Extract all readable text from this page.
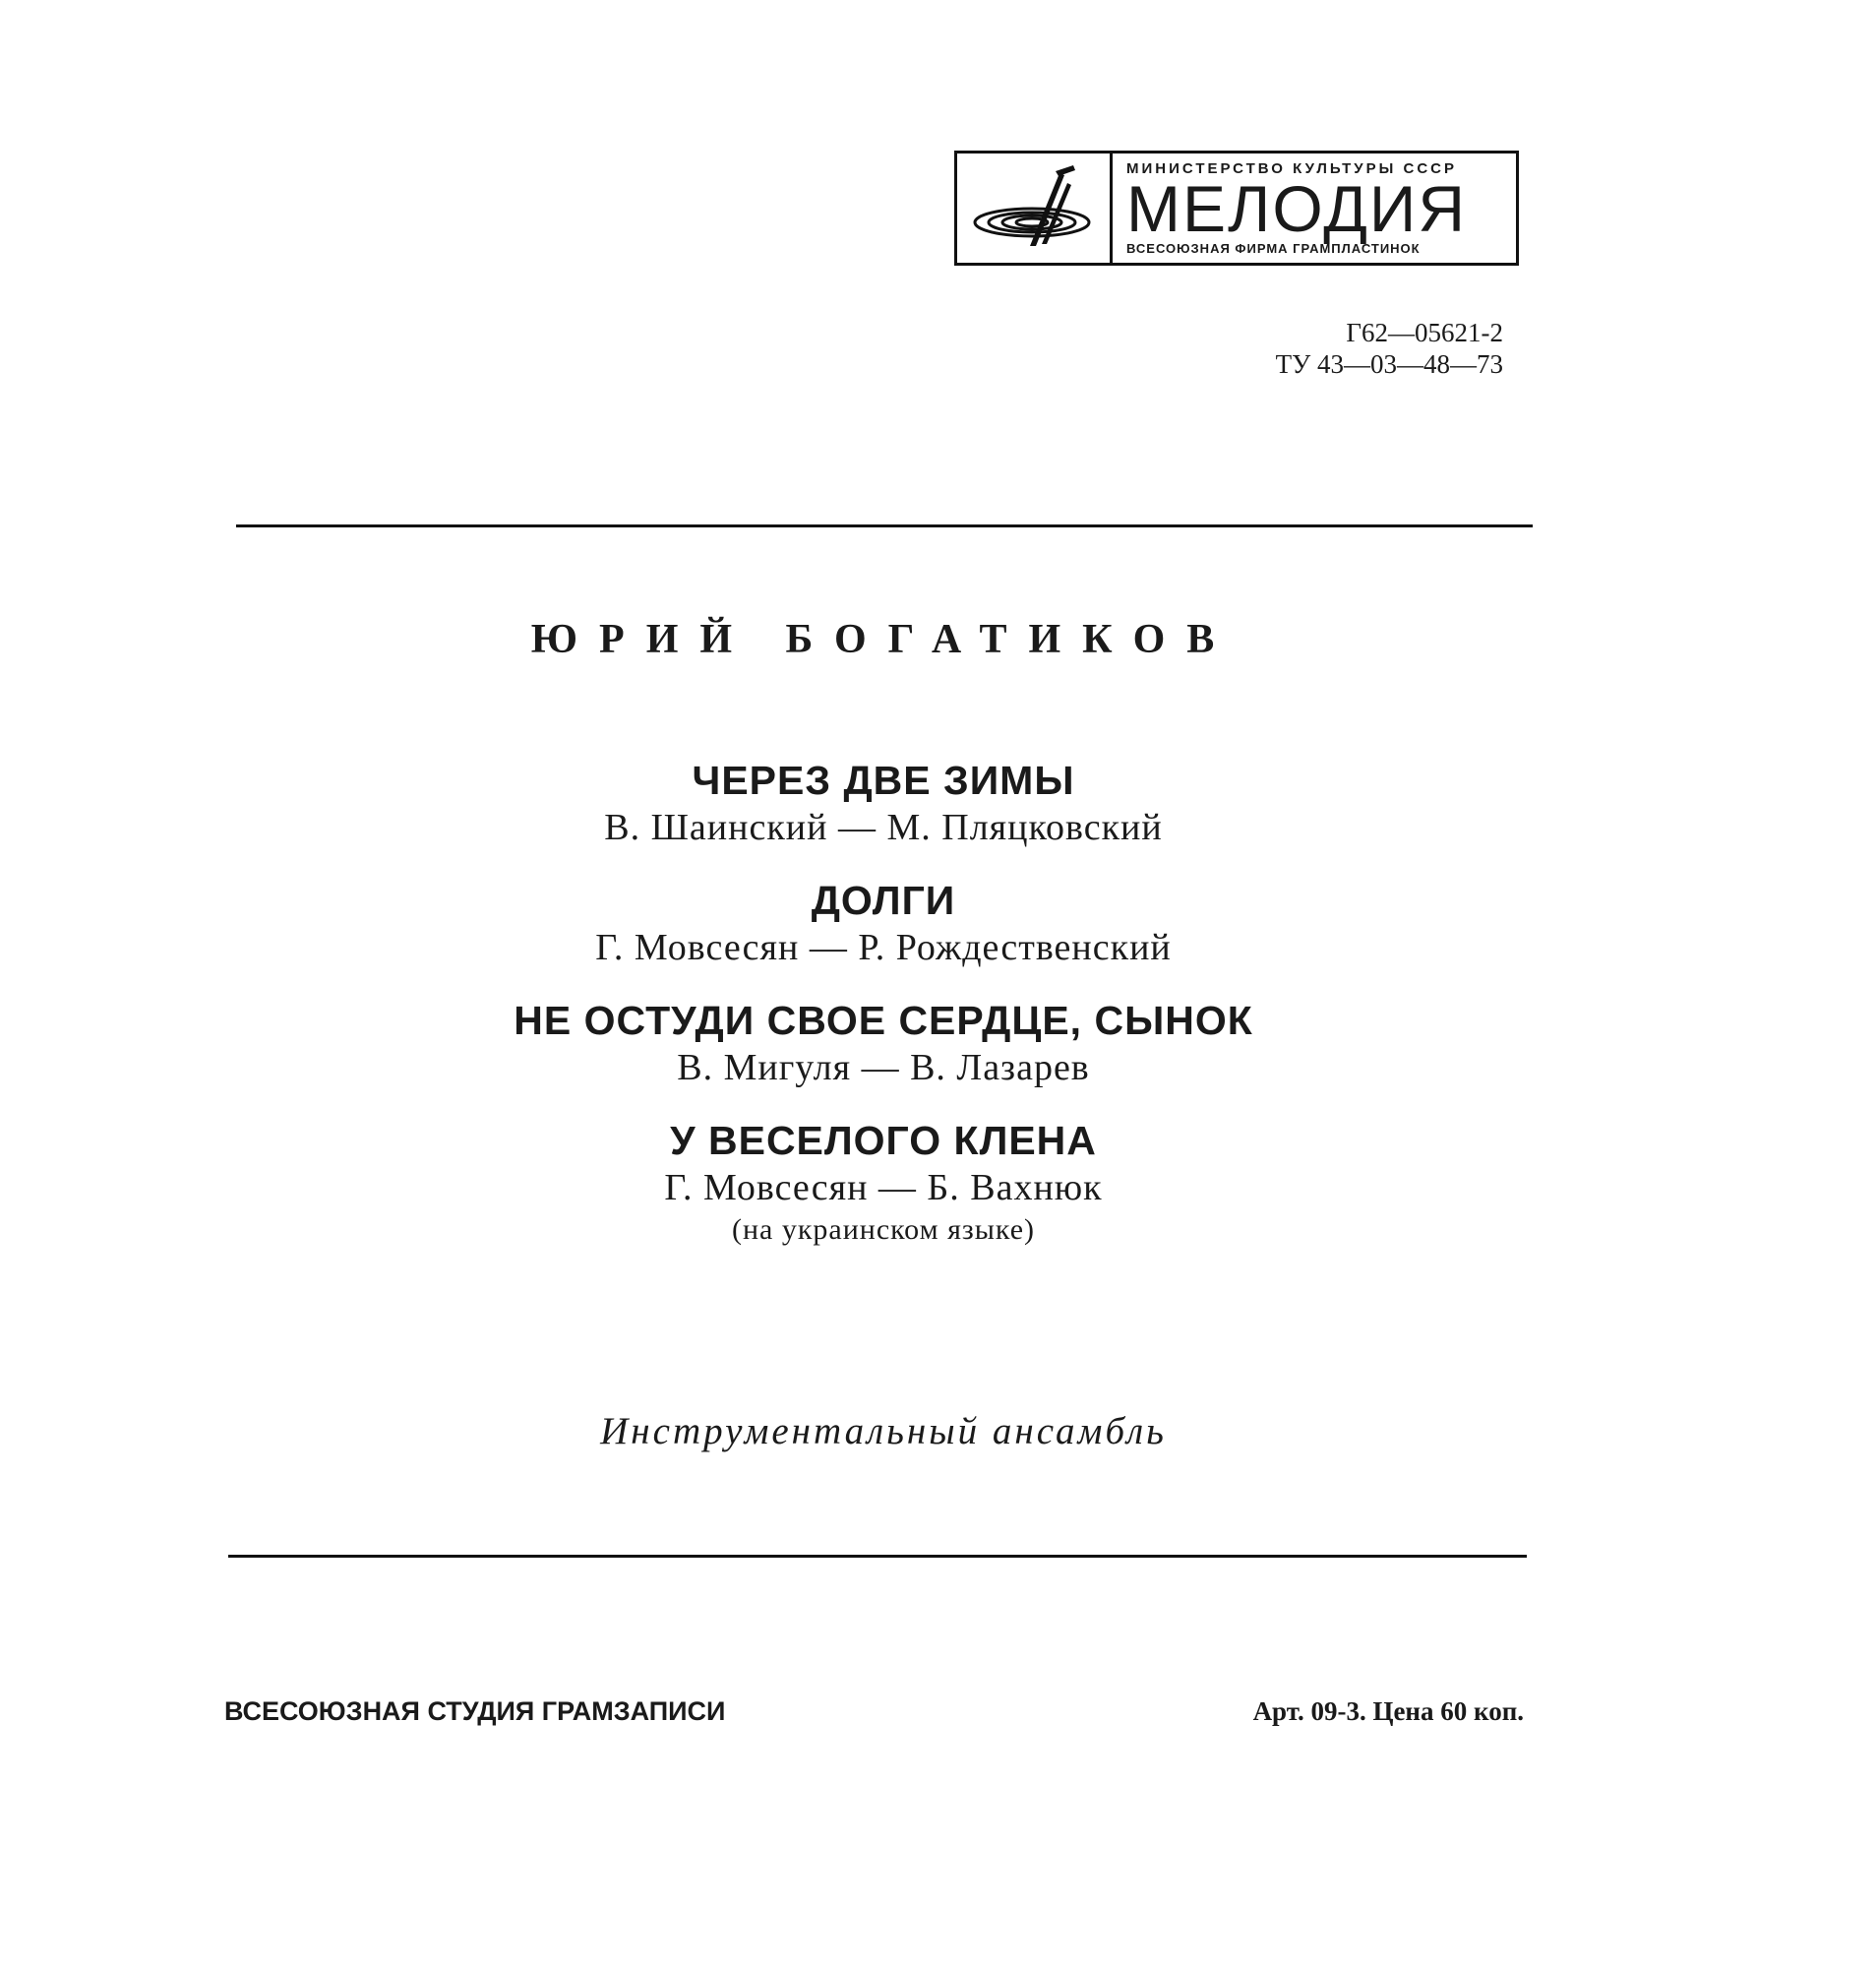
МИНИСТЕРСТВО КУЛЬТУРЫ СССР
МЕЛОДИЯ
ВСЕСОЮЗНАЯ ФИРМА ГРАМПЛАСТИНОК
Г62—05621-2
ТУ 43—03—48—73
ЮРИЙ БОГАТИКОВ
ЧЕРЕЗ ДВЕ ЗИМЫ
В. Шаинский — М. Пляцковский
ДОЛГИ
Г. Мовсесян — Р. Рождественский
НЕ ОСТУДИ СВОЕ СЕРДЦЕ, СЫНОК
В. Мигуля — В. Лазарев
У ВЕСЕЛОГО КЛЕНА
Г. Мовсесян — Б. Вахнюк
(на украинском языке)
Инструментальный ансамбль
ВСЕСОЮЗНАЯ СТУДИЯ ГРАМЗАПИСИ	Арт. 09-3. Цена 60 коп.
